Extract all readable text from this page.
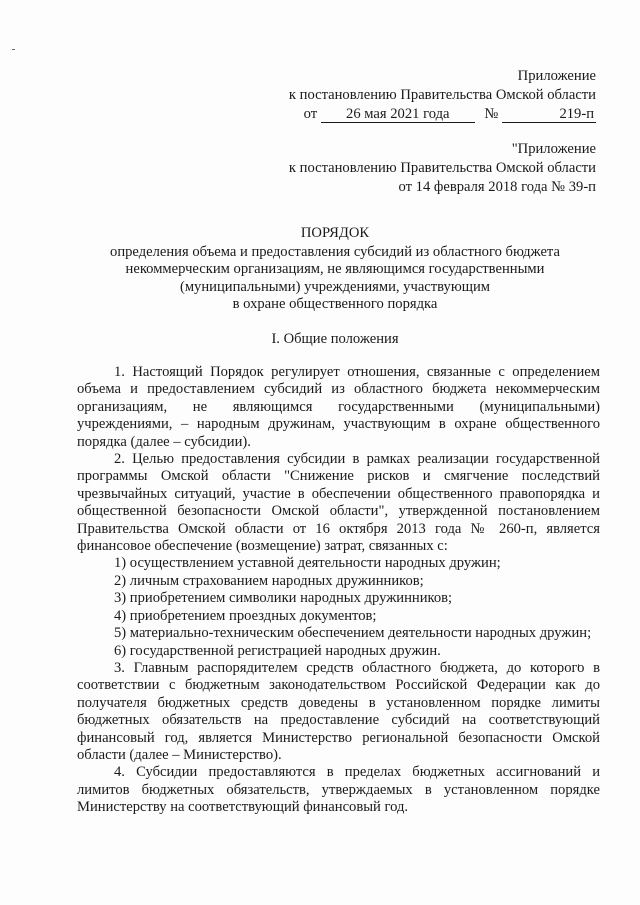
Приложение
к постановлению Правительства Омской области
от 26 мая 2021 года №	219-п
"Приложение
к постановлению Правительства Омской области
от 14 февраля 2018 года № 39-п
ПОРЯДОК
определения объема и предоставления субсидий из областного бюджета
некоммерческим организациям, не являющимся государственными
(муниципальными) учреждениями, участвующим
в охране общественного порядка
I. Общие положения

1. Настоящий Порядок регулирует отношения, связанные с определением объема и предоставлением субсидий из областного бюджета некоммерческим организациям, не являющимся государственными (муниципальными) учреждениями, – народным дружинам, участвующим в охране общественного порядка (далее – субсидии).

2. Целью предоставления субсидии в рамках реализации государственной программы Омской области "Снижение рисков и смягчение последствий чрезвычайных ситуаций, участие в обеспечении общественного правопорядка и общественной безопасности Омской области", утвержденной постановлением Правительства Омской области от 16 октября 2013 года № 260-п, является финансовое обеспечение (возмещение) затрат, связанных с:

1) осуществлением уставной деятельности народных дружин;

2) личным страхованием народных дружинников;

3) приобретением символики народных дружинников;

4) приобретением проездных документов;

5) материально-техническим обеспечением деятельности народных дружин;

6) государственной регистрацией народных дружин.

3. Главным распорядителем средств областного бюджета, до которого в соответствии с бюджетным законодательством Российской Федерации как до получателя бюджетных средств доведены в установленном порядке лимиты бюджетных обязательств на предоставление субсидий на соответствующий финансовый год, является Министерство региональной безопасности Омской области (далее – Министерство).

4. Субсидии предоставляются в пределах бюджетных ассигнований и лимитов бюджетных обязательств, утверждаемых в установленном порядке Министерству на соответствующий финансовый год.
